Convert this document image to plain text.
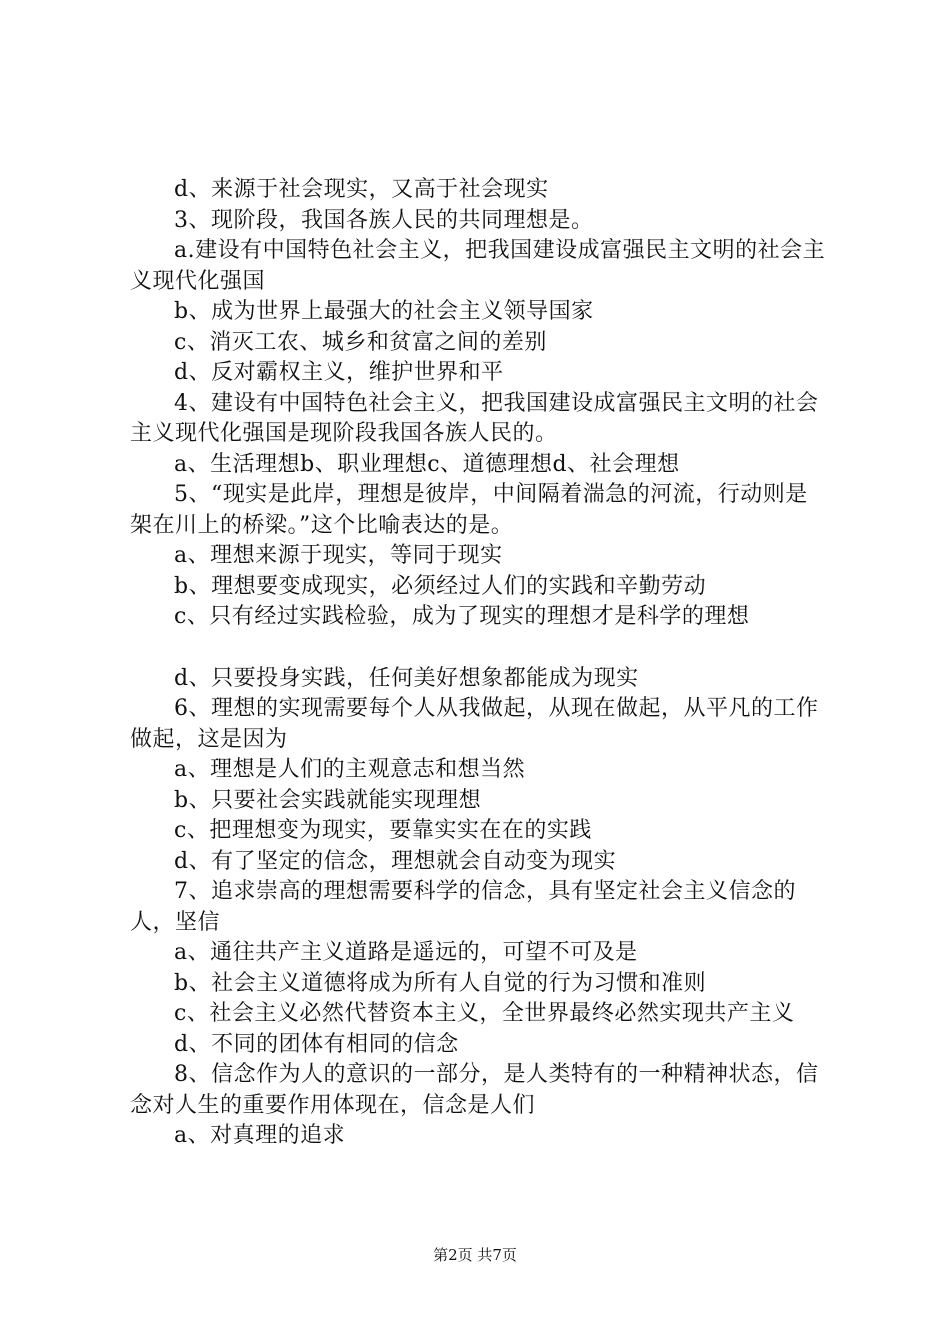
d、来源于社会现实，又高于社会现实

3、现阶段，我国各族人民的共同理想是。

a.建设有中国特色社会主义，把我国建设成富强民主文明的社会主义现代化强国

b、成为世界上最强大的社会主义领导国家

c、消灭工农、城乡和贫富之间的差别

d、反对霸权主义，维护世界和平

4、建设有中国特色社会主义，把我国建设成富强民主文明的社会主义现代化强国是现阶段我国各族人民的。

a、生活理想b、职业理想c、道德理想d、社会理想

5、“现实是此岸，理想是彼岸，中间隔着湍急的河流，行动则是架在川上的桥梁。”这个比喻表达的是。

a、理想来源于现实，等同于现实

b、理想要变成现实，必须经过人们的实践和辛勤劳动

c、只有经过实践检验，成为了现实的理想才是科学的理想

d、只要投身实践，任何美好想象都能成为现实

6、理想的实现需要每个人从我做起，从现在做起，从平凡的工作做起，这是因为

a、理想是人们的主观意志和想当然

b、只要社会实践就能实现理想

c、把理想变为现实，要靠实实在在的实践

d、有了坚定的信念，理想就会自动变为现实

7、追求崇高的理想需要科学的信念，具有坚定社会主义信念的人，坚信

a、通往共产主义道路是遥远的，可望不可及是

b、社会主义道德将成为所有人自觉的行为习惯和准则

c、社会主义必然代替资本主义，全世界最终必然实现共产主义

d、不同的团体有相同的信念

8、信念作为人的意识的一部分，是人类特有的一种精神状态，信念对人生的重要作用体现在，信念是人们

a、对真理的追求

第2页 共7页
